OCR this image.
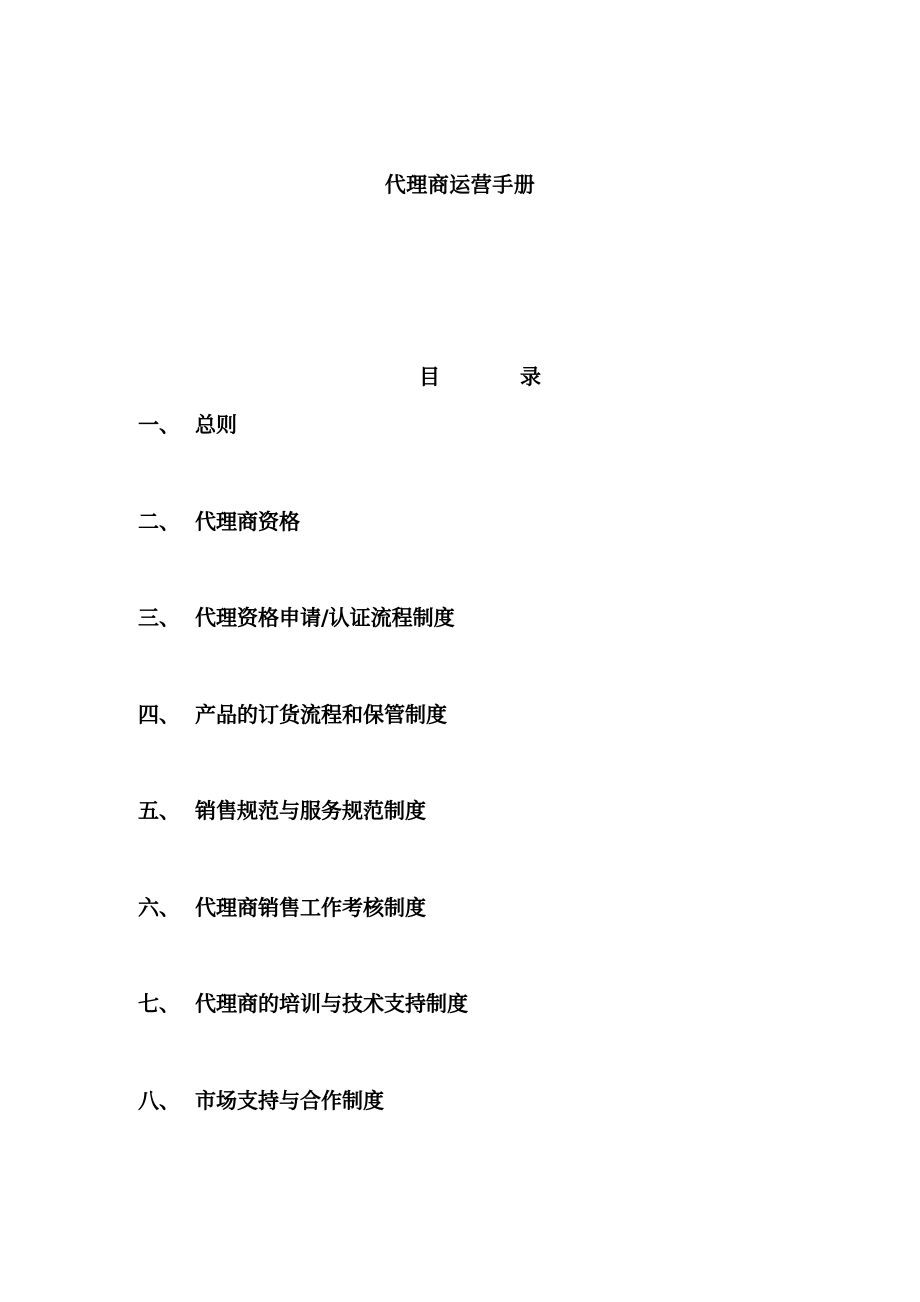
代理商运营手册
目	录
一、 总则
二、 代理商资格
三、 代理资格申请/认证流程制度
四、 产品的订货流程和保管制度
五、 销售规范与服务规范制度
六、 代理商销售工作考核制度
七、 代理商的培训与技术支持制度
八、 市场支持与合作制度
